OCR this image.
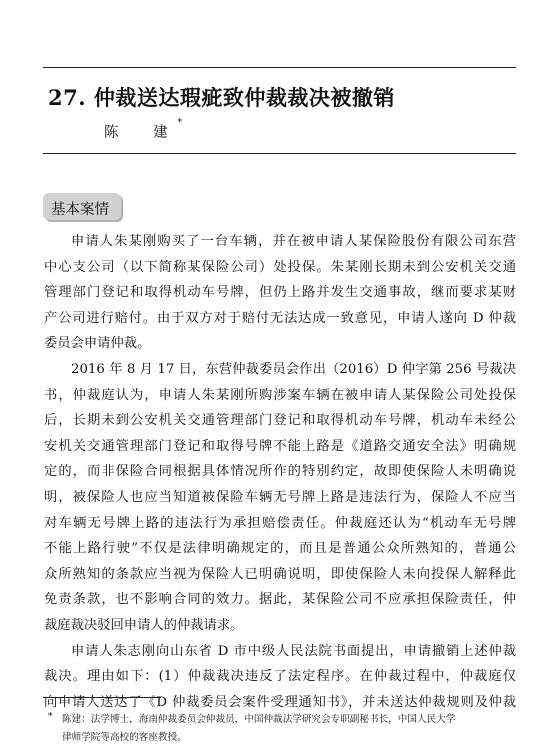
27. 仲裁送达瑕疵致仲裁裁决被撤销
陈　建*
基本案情
申请人朱某刚购买了一台车辆，并在被申请人某保险股份有限公司东营
中心支公司（以下简称某保险公司）处投保。朱某刚长期未到公安机关交通
管理部门登记和取得机动车号牌，但仍上路并发生交通事故，继而要求某财
产公司进行赔付。由于双方对于赔付无法达成一致意见，申请人遂向 D 仲裁
委员会申请仲裁。
2016 年 8 月 17 日，东营仲裁委员会作出（2016）D 仲字第 256 号裁决
书，仲裁庭认为，申请人朱某刚所购涉案车辆在被申请人某保险公司处投保
后，长期未到公安机关交通管理部门登记和取得机动车号牌，机动车未经公
安机关交通管理部门登记和取得号牌不能上路是《道路交通安全法》明确规
定的，而非保险合同根据具体情况所作的特别约定，故即使保险人未明确说
明，被保险人也应当知道被保险车辆无号牌上路是违法行为，保险人不应当
对车辆无号牌上路的违法行为承担赔偿责任。仲裁庭还认为“机动车无号牌
不能上路行驶”不仅是法律明确规定的，而且是普通公众所熟知的，普通公
众所熟知的条款应当视为保险人已明确说明，即使保险人未向投保人解释此
免责条款，也不影响合同的效力。据此，某保险公司不应承担保险责任，仲
裁庭裁决驳回申请人的仲裁请求。
申请人朱志刚向山东省 D 市中级人民法院书面提出，申请撤销上述仲裁
裁决。理由如下：(1）仲裁裁决违反了法定程序。在仲裁过程中，仲裁庭仅
向申请人送达了《D 仲裁委员会案件受理通知书》，并未送达仲裁规则及仲裁
* 陈建：法学博士，海南仲裁委员会仲裁员，中国仲裁法学研究会专职副秘书长，中国人民大学
律师学院等高校的客座教授。
